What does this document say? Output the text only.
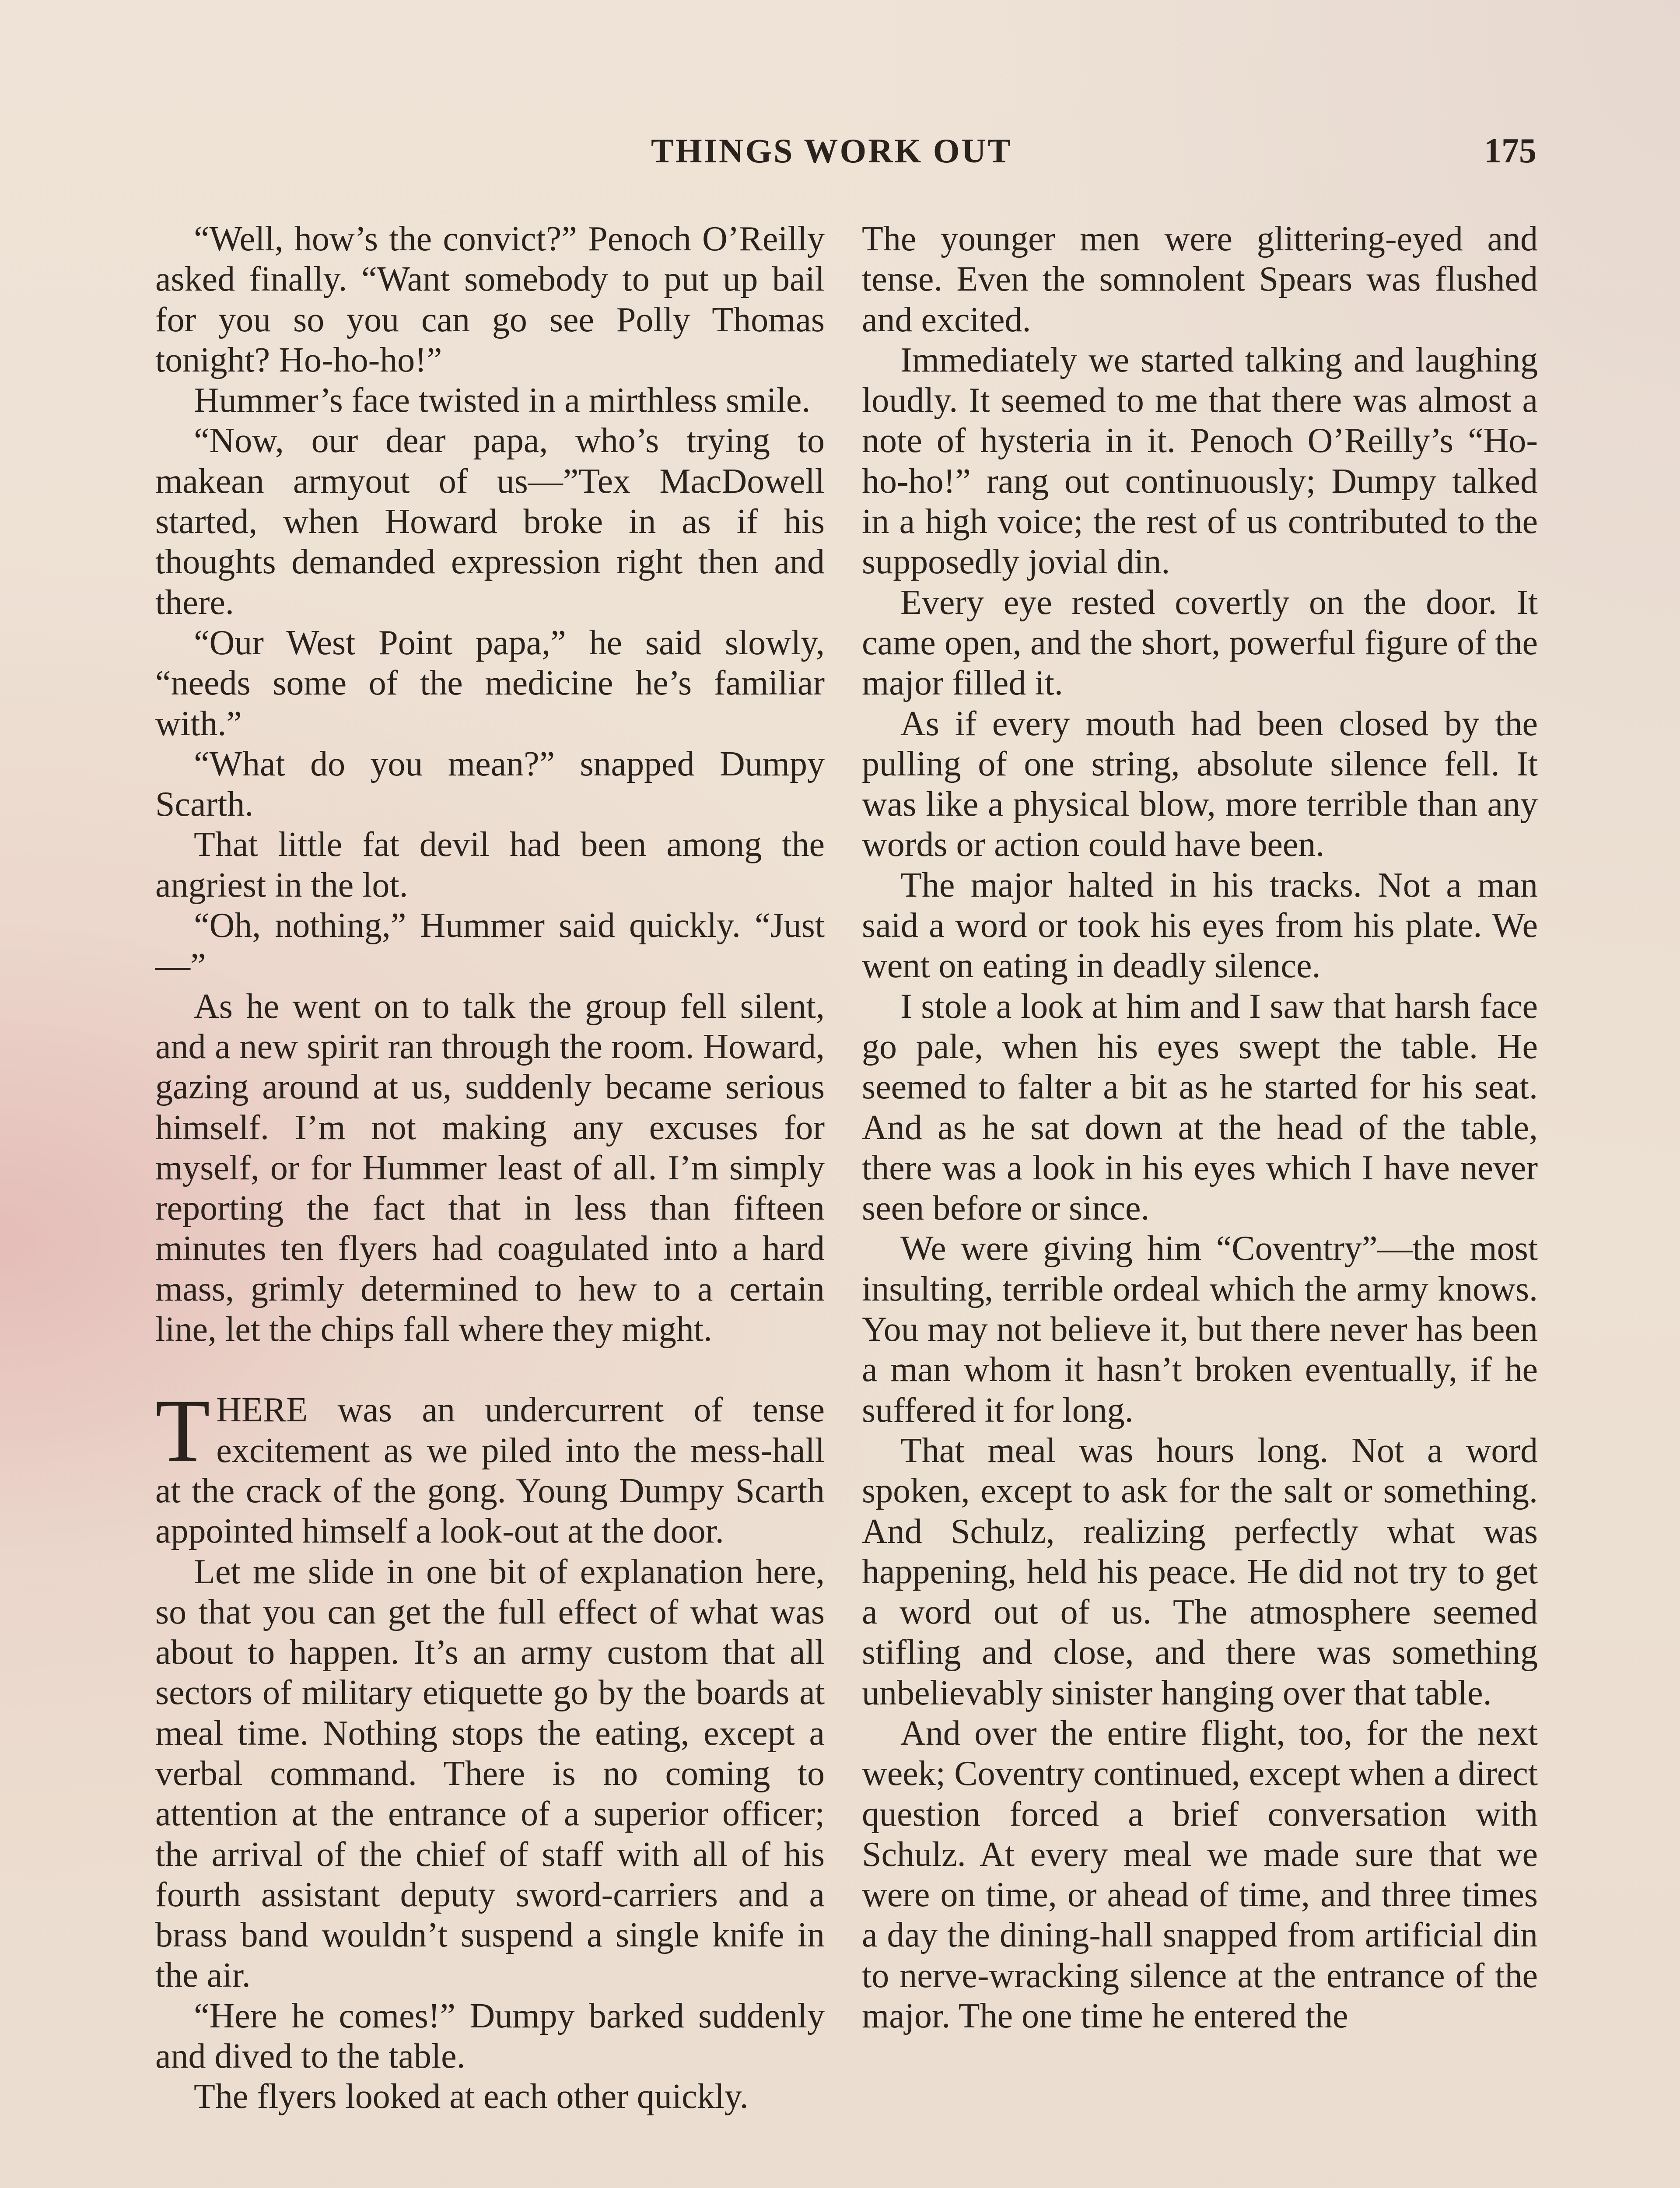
THINGS WORK OUT	175

“Well, how’s the convict?” Penoch O’Reilly asked finally. “Want somebody to put up bail for you so you can go see Polly Thomas tonight? Ho-ho-ho!”

Hummer’s face twisted in a mirthless smile.

“Now, our dear papa, who’s trying to makean armyout of us—”Tex MacDowell started, when Howard broke in as if his thoughts demanded expression right then and there.

“Our West Point papa,” he said slowly, “needs some of the medicine he’s familiar with.”

“What do you mean?” snapped Dumpy Scarth.

That little fat devil had been among the angriest in the lot.

“Oh, nothing,” Hummer said quickly. “Just—”

As he went on to talk the group fell silent, and a new spirit ran through the room. Howard, gazing around at us, suddenly became serious himself. I’m not making any excuses for myself, or for Hummer least of all. I’m simply reporting the fact that in less than fifteen minutes ten flyers had coagulated into a hard mass, grimly determined to hew to a certain line, let the chips fall where they might.

THERE was an undercurrent of tense excitement as we piled into the mess-hall at the crack of the gong. Young Dumpy Scarth appointed himself a look-out at the door.

Let me slide in one bit of explanation here, so that you can get the full effect of what was about to happen. It’s an army custom that all sectors of military etiquette go by the boards at meal time. Nothing stops the eating, except a verbal command. There is no coming to attention at the entrance of a superior officer; the arrival of the chief of staff with all of his fourth assistant deputy sword-carriers and a brass band wouldn’t suspend a single knife in the air.

“Here he comes!” Dumpy barked suddenly and dived to the table.

The flyers looked at each other quickly.

The younger men were glittering-eyed and tense. Even the somnolent Spears was flushed and excited.

Immediately we started talking and laughing loudly. It seemed to me that there was almost a note of hysteria in it. Penoch O’Reilly’s “Ho-ho-ho!” rang out continuously; Dumpy talked in a high voice; the rest of us contributed to the supposedly jovial din.

Every eye rested covertly on the door. It came open, and the short, powerful figure of the major filled it.

As if every mouth had been closed by the pulling of one string, absolute silence fell. It was like a physical blow, more terrible than any words or action could have been.

The major halted in his tracks. Not a man said a word or took his eyes from his plate. We went on eating in deadly silence.

I stole a look at him and I saw that harsh face go pale, when his eyes swept the table. He seemed to falter a bit as he started for his seat. And as he sat down at the head of the table, there was a look in his eyes which I have never seen before or since.

We were giving him “Coventry”—the most insulting, terrible ordeal which the army knows. You may not believe it, but there never has been a man whom it hasn’t broken eventually, if he suffered it for long.

That meal was hours long. Not a word spoken, except to ask for the salt or something. And Schulz, realizing perfectly what was happening, held his peace. He did not try to get a word out of us. The atmosphere seemed stifling and close, and there was something unbelievably sinister hanging over that table.

And over the entire flight, too, for the next week; Coventry continued, except when a direct question forced a brief conversation with Schulz. At every meal we made sure that we were on time, or ahead of time, and three times a day the dining-hall snapped from artificial din to nerve-wracking silence at the entrance of the major. The one time he entered the
